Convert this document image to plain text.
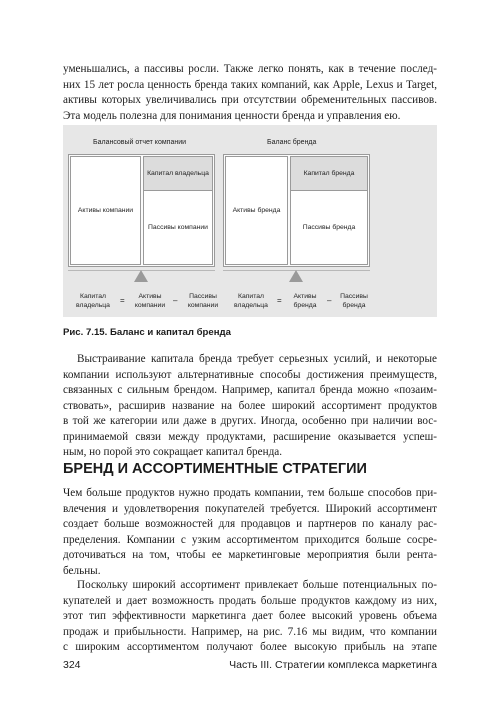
уменьшались, а пассивы росли. Также легко понять, как в течение послед-
них 15 лет росла ценность бренда таких компаний, как Apple, Lexus и Target,
активы которых увеличивались при отсутствии обременительных пассивов.
Эта модель полезна для понимания ценности бренда и управления ею.
Балансовый отчет компании	Баланс бренда
Активы компании
Капитал владельца
Пассивы компании
Активы бренда
Капитал бренда
Пассивы бренда
Капитал владельца
=	Активы компании
–	Пассивы компании
Капитал владельца
=	Активы бренда
–	Пассивы бренда
Рис. 7.15. Баланс и капитал бренда
Выстраивание капитала бренда требует серьезных усилий, и некоторые
компании используют альтернативные способы достижения преимуществ,
связанных с сильным брендом. Например, капитал бренда можно «позаим-
ствовать», расширив название на более широкий ассортимент продуктов
в той же категории или даже в других. Иногда, особенно при наличии вос-
принимаемой связи между продуктами, расширение оказывается успеш-
ным, но порой это сокращает капитал бренда.
БРЕНД И АССОРТИМЕНТНЫЕ СТРАТЕГИИ
Чем больше продуктов нужно продать компании, тем больше способов при-
влечения и удовлетворения покупателей требуется. Широкий ассортимент
создает больше возможностей для продавцов и партнеров по каналу рас-
пределения. Компании с узким ассортиментом приходится больше сосре-
доточиваться на том, чтобы ее маркетинговые мероприятия были рента-
бельны.
Поскольку широкий ассортимент привлекает больше потенциальных по-
купателей и дает возможность продать больше продуктов каждому из них,
этот тип эффективности маркетинга дает более высокий уровень объема
продаж и прибыльности. Например, на рис. 7.16 мы видим, что компании
с широким ассортиментом получают более высокую прибыль на этапе
324	Часть III. Стратегии комплекса маркетинга
